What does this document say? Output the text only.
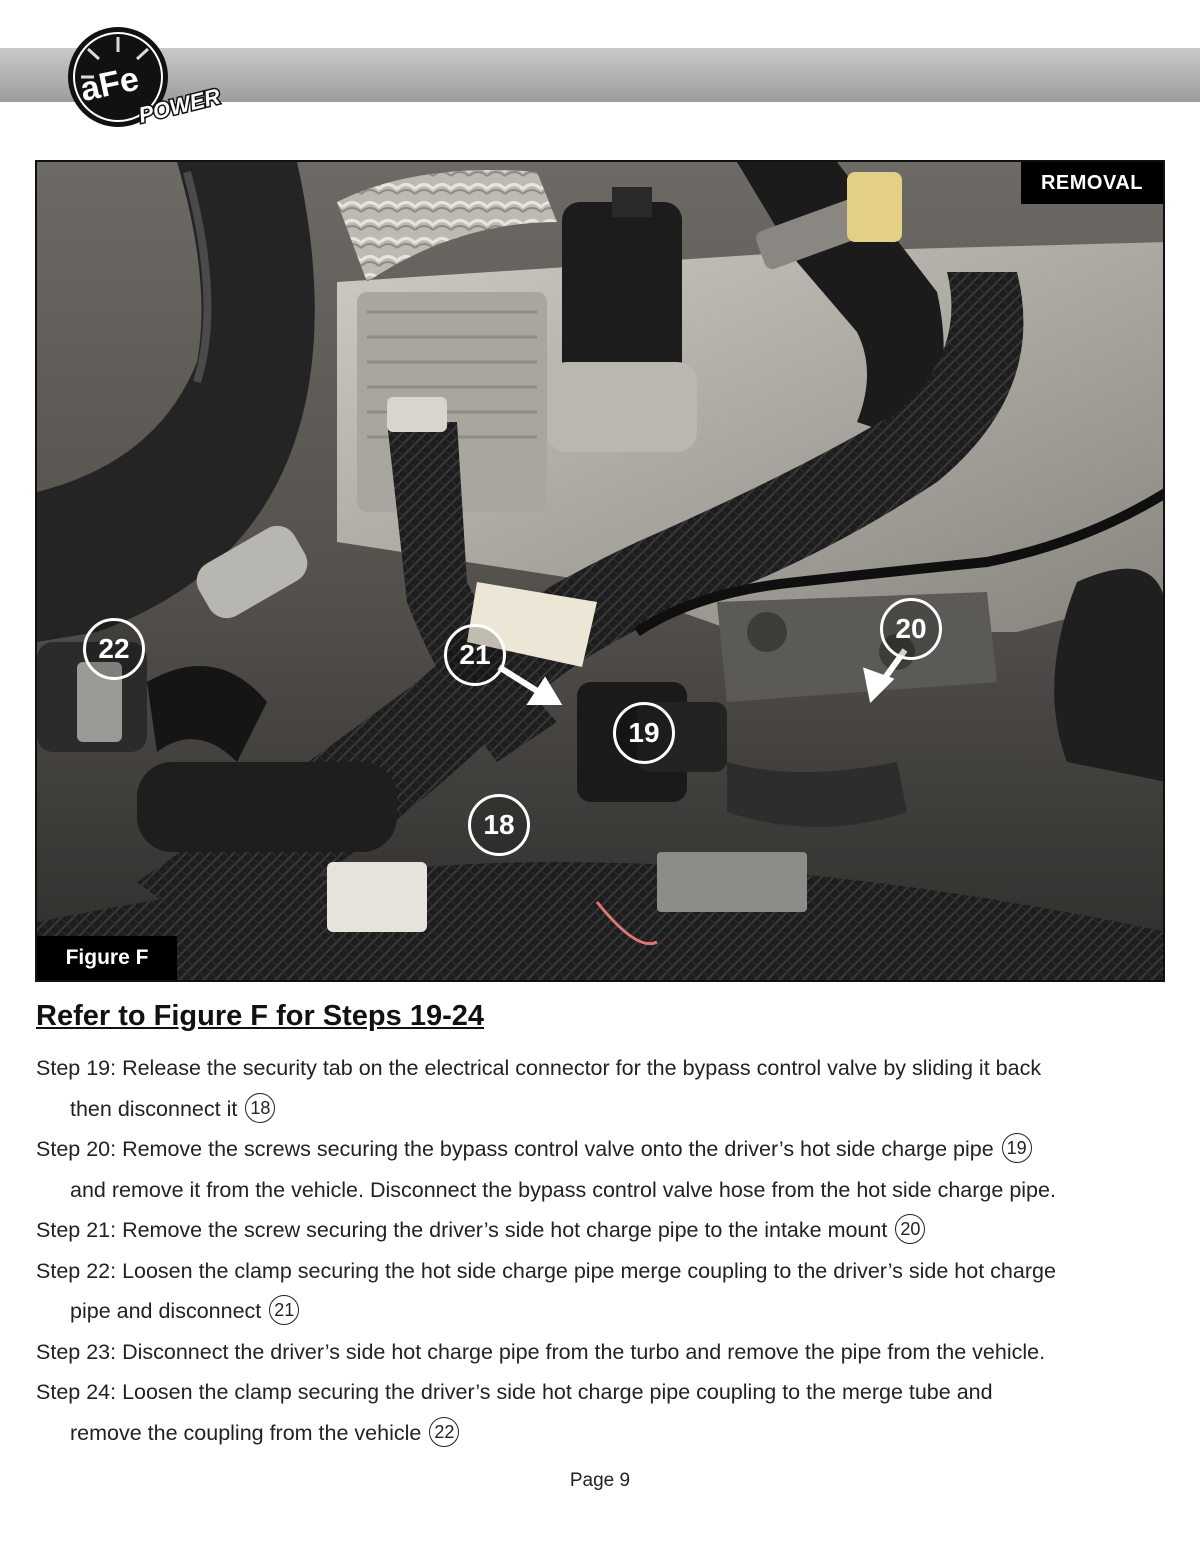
aFe
POWER
REMOVAL
Figure F
22	21
20
19
18
Refer to Figure F for Steps 19-24
Step 19: Release the security tab on the electrical connector for the bypass control valve by sliding it back
then disconnect it 18
Step 20: Remove the screws securing the bypass control valve onto the driver’s hot side charge pipe 19
and remove it from the vehicle. Disconnect the bypass control valve hose from the hot side charge pipe.
Step 21: Remove the screw securing the driver’s side hot charge pipe to the intake mount 20
Step 22: Loosen the clamp securing the hot side charge pipe merge coupling to the driver’s side hot charge
pipe and disconnect 21
Step 23: Disconnect the driver’s side hot charge pipe from the turbo and remove the pipe from the vehicle.
Step 24: Loosen the clamp securing the driver’s side hot charge pipe coupling to the merge tube and
remove the coupling from the vehicle 22
Page 9
